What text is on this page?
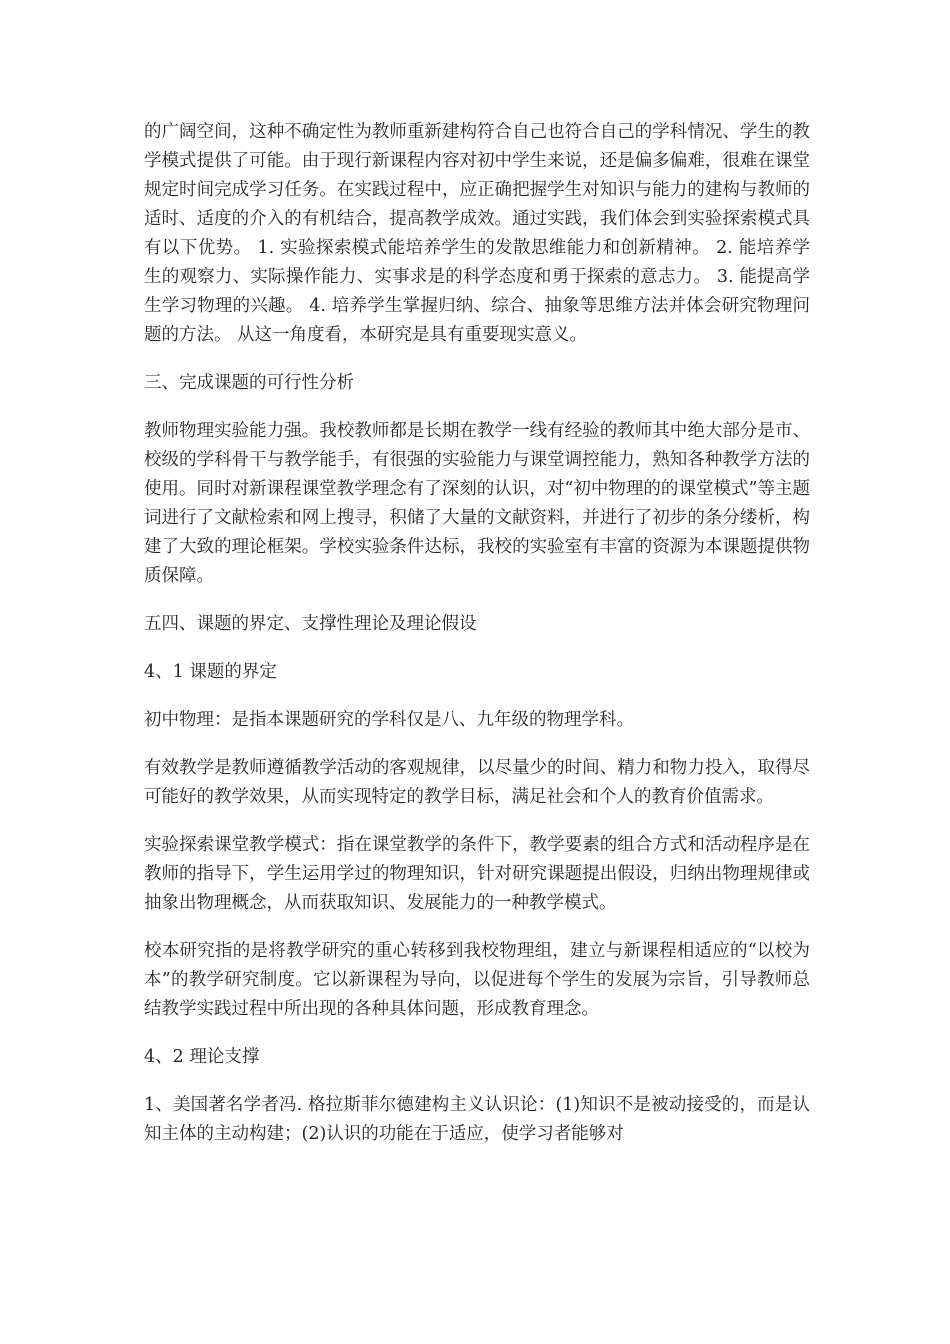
的广阔空间，这种不确定性为教师重新建构符合自己也符合自己的学科情况、学生的教学模式提供了可能。由于现行新课程内容对初中学生来说，还是偏多偏难，很难在课堂规定时间完成学习任务。在实践过程中，应正确把握学生对知识与能力的建构与教师的适时、适度的介入的有机结合，提高教学成效。通过实践，我们体会到实验探索模式具有以下优势。 1. 实验探索模式能培养学生的发散思维能力和创新精神。 2. 能培养学生的观察力、实际操作能力、实事求是的科学态度和勇于探索的意志力。 3. 能提高学生学习物理的兴趣。 4. 培养学生掌握归纳、综合、抽象等思维方法并体会研究物理问题的方法。 从这一角度看，本研究是具有重要现实意义。

三、完成课题的可行性分析

教师物理实验能力强。我校教师都是长期在教学一线有经验的教师其中绝大部分是市、校级的学科骨干与教学能手，有很强的实验能力与课堂调控能力，熟知各种教学方法的使用。同时对新课程课堂教学理念有了深刻的认识，对“初中物理的的课堂模式”等主题词进行了文献检索和网上搜寻，积储了大量的文献资料，并进行了初步的条分缕析，构建了大致的理论框架。学校实验条件达标，我校的实验室有丰富的资源为本课题提供物质保障。

五四、课题的界定、支撑性理论及理论假设

4、1 课题的界定

初中物理：是指本课题研究的学科仅是八、九年级的物理学科。

有效教学是教师遵循教学活动的客观规律，以尽量少的时间、精力和物力投入，取得尽可能好的教学效果，从而实现特定的教学目标，满足社会和个人的教育价值需求。

实验探索课堂教学模式：指在课堂教学的条件下，教学要素的组合方式和活动程序是在教师的指导下，学生运用学过的物理知识，针对研究课题提出假设，归纳出物理规律或抽象出物理概念，从而获取知识、发展能力的一种教学模式。

校本研究指的是将教学研究的重心转移到我校物理组，建立与新课程相适应的“以校为本”的教学研究制度。它以新课程为导向，以促进每个学生的发展为宗旨，引导教师总结教学实践过程中所出现的各种具体问题，形成教育理念。

4、2 理论支撑

1、美国著名学者冯. 格拉斯菲尔德建构主义认识论：(1)知识不是被动接受的，而是认知主体的主动构建；(2)认识的功能在于适应，使学习者能够对
